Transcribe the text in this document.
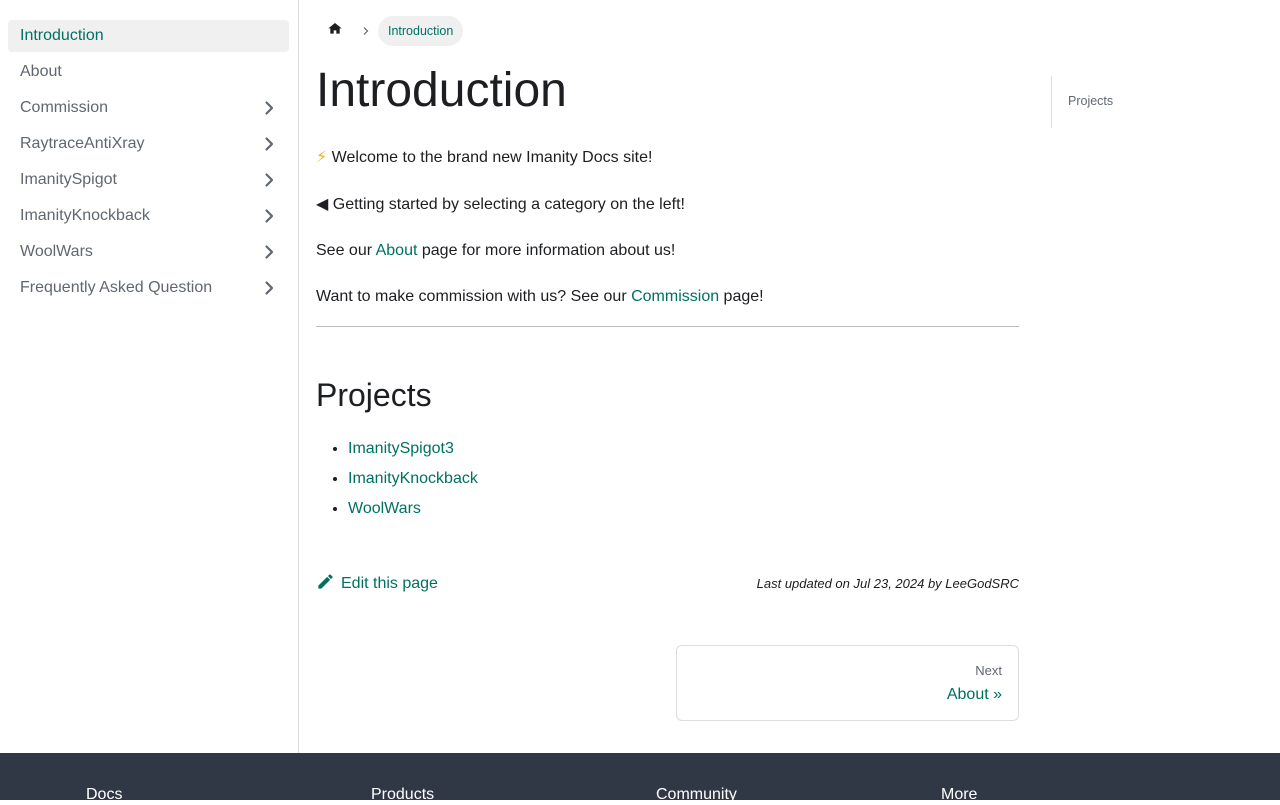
Introduction
About
Commission
RaytraceAntiXray
ImanitySpigot
ImanityKnockback
WoolWars
Frequently Asked Question
Introduction
Introduction

⚡ Welcome to the brand new Imanity Docs site!

◀ Getting started by selecting a category on the left!

See our About page for more information about us!

Want to make commission with us? See our Commission page!

Projects
• ImanitySpigot3
• ImanityKnockback
• WoolWars
Edit this page	Last updated on Jul 23, 2024 by LeeGodSRC
Next
About »
Projects
Docs	Products	Community	More
